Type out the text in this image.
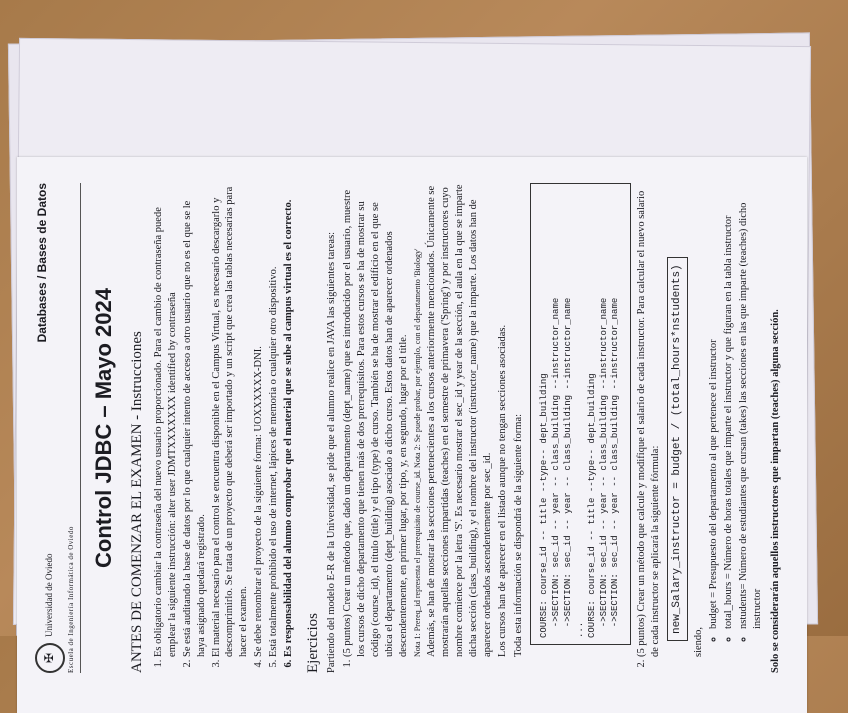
✠
Universidad de Oviedo Escuela de Ingeniería Informática de Oviedo
Databases / Bases de Datos
Control JDBC – Mayo 2024 ANTES DE COMENZAR EL EXAMEN - Instrucciones 1. Es obligatorio cambiar la contraseña del nuevo usuario proporcionado. Para el cambio de contraseña puede emplear la siguiente instrucción: alter user JDMTXXXXXXX identified by contraseña 2. Se está auditando la base de datos por lo que cualquier intento de acceso a otro usuario que no es el que se le haya asignado quedará registrado. 3. El material necesario para el control se encuentra disponible en el Campus Virtual, es necesario descargarlo y descomprimirlo. Se trata de un proyecto que deberá ser importado y un script que crea las tablas necesarias para hacer el examen. 4. Se debe renombrar el proyecto de la siguiente forma: UOXXXXXX-DNI. 5. Está totalmente prohibido el uso de internet, lápices de memoria o cualquier otro dispositivo. 6. Es responsabilidad del alumno comprobar que el material que se sube al campus virtual es el correcto. Ejercicios Partiendo del modelo E-R de la Universidad, se pide que el alumno realice en JAVA las siguientes tareas: 1. (5 puntos) Crear un método que, dado un departamento (dept_name) que es introducido por el usuario, muestre los cursos de dicho departamento que tienen más de dos prerrequisitos. Para estos cursos se ha de mostrar su código (course_id), el título (title) y el tipo (type) de curso. También se ha de mostrar el edificio en el que se ubica el departamento (dept_building) asociado a dicho curso. Estos datos han de aparecer ordenados descendentemente, en primer lugar, por tipo, y, en segundo, lugar por el title. Nota 1: Prereq_id representa el prerrequisito de course_id. Nota 2: Se puede probar, por ejemplo, con el departamento 'Biology' Además, se han de mostrar las secciones pertenecientes a los cursos anteriormente mencionados. Únicamente se mostrarán aquellas secciones impartidas (teaches) en el semestre de primavera ('Spring') y por instructores cuyo nombre comience por la letra 'S'. Es necesario mostrar el sec_id y year de la sección, el aula en la que se imparte dicha sección (class_building), y el nombre del instructor (instructor_name) que la imparte. Los datos han de aparecer ordenados ascendentemente por sec_id. Los cursos han de aparecer en el listado aunque no tengan secciones asociadas. Toda esta información se dispondrá de la siguiente forma: COURSE: course_id -- title --type-- dept_building
->SECTION: sec_id -- year -- class_building --instructor_name
->SECTION: sec_id -- year -- class_building --instructor_name
...
COURSE: course_id -- title --type-- dept_building
->SECTION: sec_id -- year -- class_building --instructor_name
->SECTION: sec_id -- year -- class_building --instructor_name 2. (5 puntos) Crear un método que calcule y modifique el salario de cada instructor. Para calcular el nuevo salario de cada instructor se aplicará la siguiente fórmula: new_Salary_instructor = budget / (total_hours*nstudents)

siendo,

◦ budget = Presupuesto del departamento al que pertenece el instructor ◦ total_hours = Número de horas totales que imparte el instructor y que figuran en la tabla instructor ◦ nstudents= Número de estudiantes que cursan (takes) las secciones en las que imparte (teaches) dicho instructor Solo se considerarán aquellos instructores que impartan (teaches) alguna sección.
